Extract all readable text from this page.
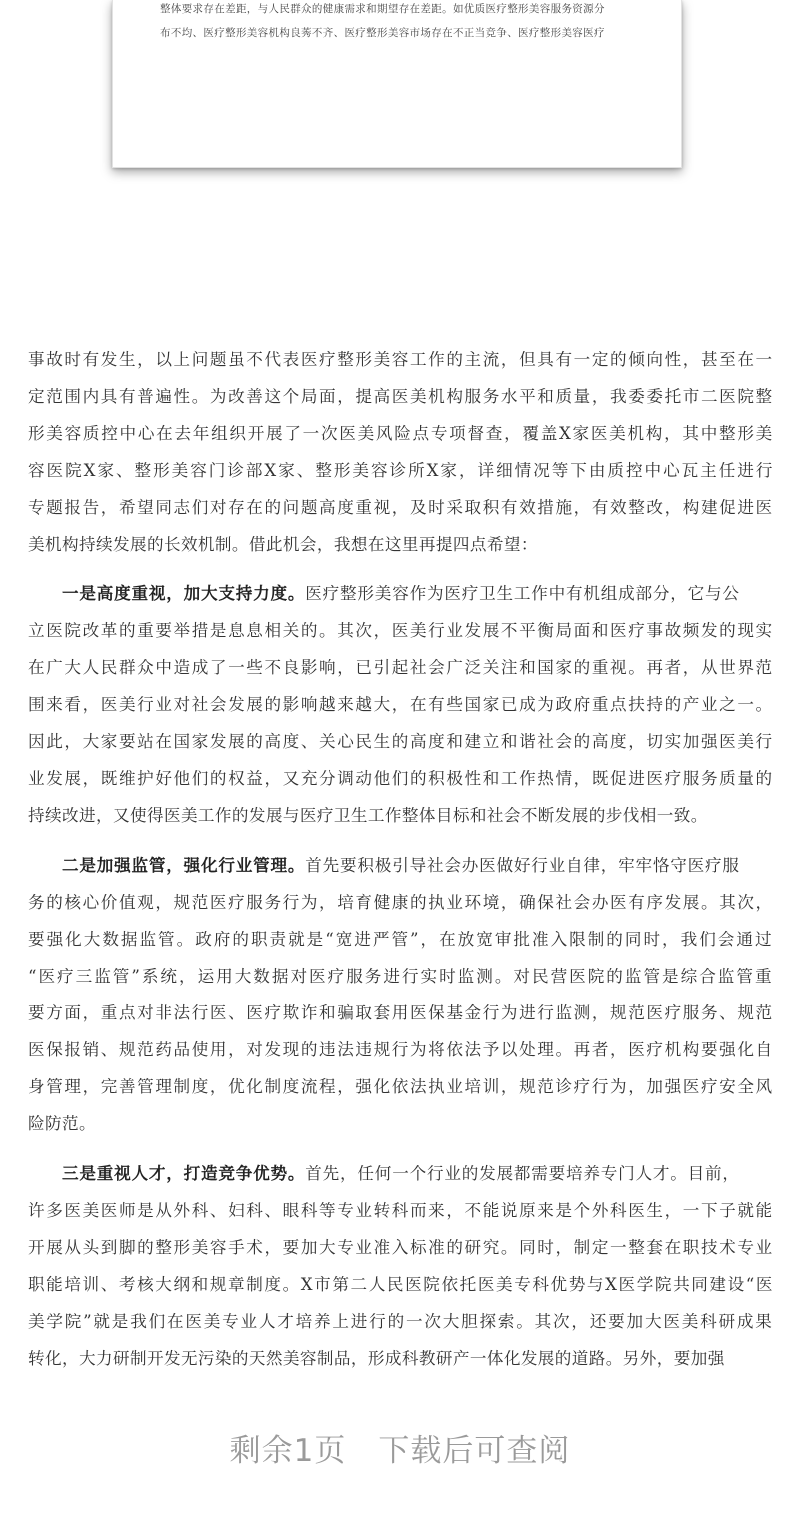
整体要求存在差距，与人民群众的健康需求和期望存在差距。如优质医疗整形美容服务资源分
布不均、医疗整形美容机构良莠不齐、医疗整形美容市场存在不正当竞争、医疗整形美容医疗
事故时有发生，以上问题虽不代表医疗整形美容工作的主流，但具有一定的倾向性，甚至在一
定范围内具有普遍性。为改善这个局面，提高医美机构服务水平和质量，我委委托市二医院整
形美容质控中心在去年组织开展了一次医美风险点专项督查，覆盖X家医美机构，其中整形美
容医院X家、整形美容门诊部X家、整形美容诊所X家，详细情况等下由质控中心瓦主任进行
专题报告，希望同志们对存在的问题高度重视，及时采取积有效措施，有效整改，构建促进医
美机构持续发展的长效机制。借此机会，我想在这里再提四点希望：
一是高度重视，加大支持力度。医疗整形美容作为医疗卫生工作中有机组成部分，它与公
立医院改革的重要举措是息息相关的。其次，医美行业发展不平衡局面和医疗事故频发的现实
在广大人民群众中造成了一些不良影响，已引起社会广泛关注和国家的重视。再者，从世界范
围来看，医美行业对社会发展的影响越来越大，在有些国家已成为政府重点扶持的产业之一。
因此，大家要站在国家发展的高度、关心民生的高度和建立和谐社会的高度，切实加强医美行
业发展，既维护好他们的权益，又充分调动他们的积极性和工作热情，既促进医疗服务质量的
持续改进，又使得医美工作的发展与医疗卫生工作整体目标和社会不断发展的步伐相一致。
二是加强监管，强化行业管理。首先要积极引导社会办医做好行业自律，牢牢恪守医疗服
务的核心价值观，规范医疗服务行为，培育健康的执业环境，确保社会办医有序发展。其次，
要强化大数据监管。政府的职责就是“宽进严管”，在放宽审批准入限制的同时，我们会通过
“医疗三监管”系统，运用大数据对医疗服务进行实时监测。对民营医院的监管是综合监管重
要方面，重点对非法行医、医疗欺诈和骗取套用医保基金行为进行监测，规范医疗服务、规范
医保报销、规范药品使用，对发现的违法违规行为将依法予以处理。再者，医疗机构要强化自
身管理，完善管理制度，优化制度流程，强化依法执业培训，规范诊疗行为，加强医疗安全风
险防范。
三是重视人才，打造竞争优势。首先，任何一个行业的发展都需要培养专门人才。目前，
许多医美医师是从外科、妇科、眼科等专业转科而来，不能说原来是个外科医生，一下子就能
开展从头到脚的整形美容手术，要加大专业准入标准的研究。同时，制定一整套在职技术专业
职能培训、考核大纲和规章制度。X市第二人民医院依托医美专科优势与X医学院共同建设“医
美学院”就是我们在医美专业人才培养上进行的一次大胆探索。其次，还要加大医美科研成果
转化，大力研制开发无污染的天然美容制品，形成科教研产一体化发展的道路。另外，要加强
剩余1页 下载后可查阅
